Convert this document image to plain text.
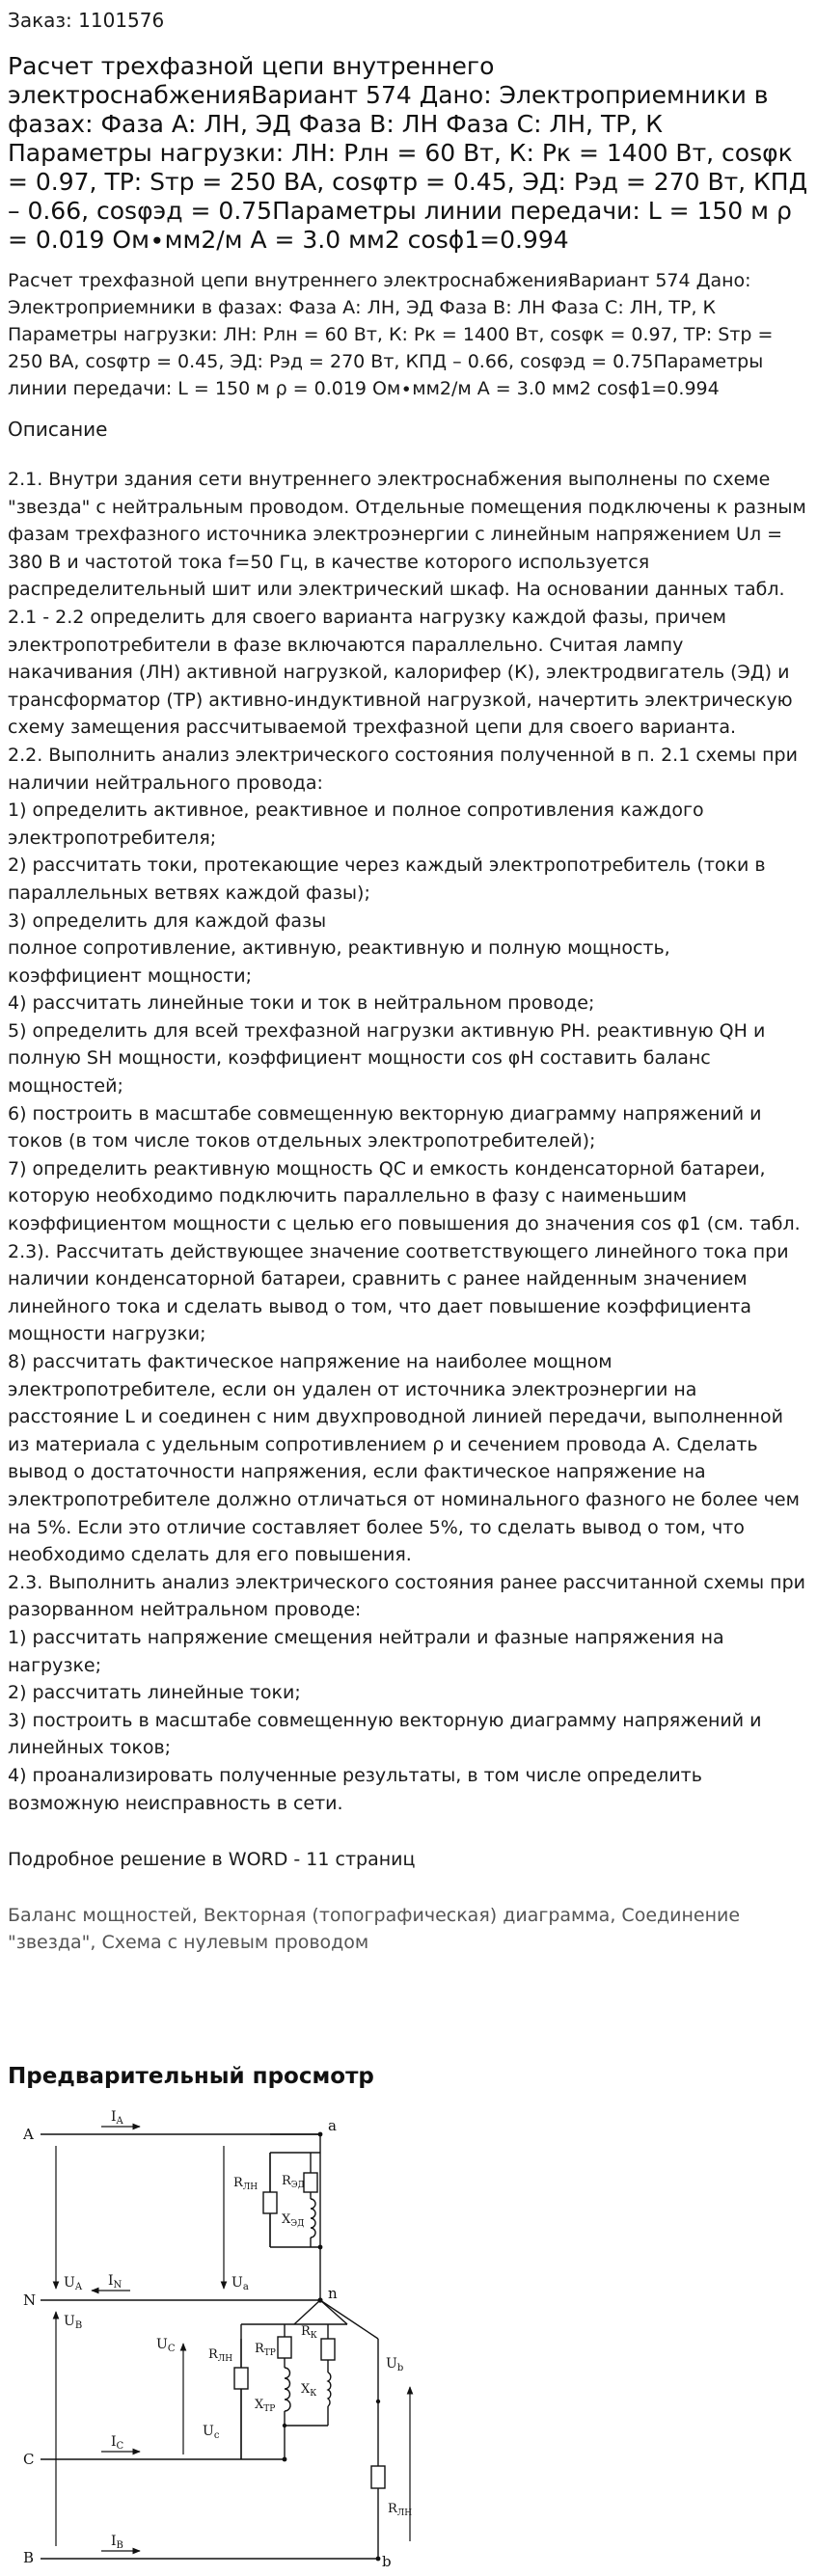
Заказ: 1101576
Расчет трехфазной цепи внутреннего электроснабженияВариант 574 Дано: Электроприемники в фазах: Фаза А: ЛН, ЭД Фаза В: ЛН Фаза С: ЛН, ТР, К Параметры нагрузки: ЛН: Pлн = 60 Вт, К: Pк = 1400 Вт, cosφк = 0.97, ТР: Sтр = 250 ВА, cosφтр = 0.45, ЭД: Pэд = 270 Вт, КПД – 0.66, cosφэд = 0.75Параметры линии передачи: L = 150 м ρ = 0.019 Ом∙мм2/м A = 3.0 мм2 cosϕ1=0.994
Расчет трехфазной цепи внутреннего электроснабженияВариант 574 Дано: Электроприемники в фазах: Фаза А: ЛН, ЭД Фаза В: ЛН Фаза С: ЛН, ТР, К Параметры нагрузки: ЛН: Pлн = 60 Вт, К: Pк = 1400 Вт, cosφк = 0.97, ТР: Sтр = 250 ВА, cosφтр = 0.45, ЭД: Pэд = 270 Вт, КПД – 0.66, cosφэд = 0.75Параметры линии передачи: L = 150 м ρ = 0.019 Ом∙мм2/м A = 3.0 мм2 cosϕ1=0.994
Описание
2.1. Внутри здания сети внутреннего электроснабжения выполнены по схеме "звезда" с нейтральным проводом. Отдельные помещения подключены к разным фазам трехфазного источника электроэнергии с линейным напряжением Uл = 380 В и частотой тока f=50 Гц, в качестве которого используется распределительный шит или электрический шкаф. На основании данных табл. 2.1 - 2.2 определить для своего варианта нагрузку каждой фазы, причем электропотребители в фазе включаются параллельно. Считая лампу накачивания (ЛН) активной нагрузкой, калорифер (К), электродвигатель (ЭД) и трансформатор (ТР) активно-индуктивной нагрузкой, начертить электрическую схему замещения рассчитываемой трехфазной цепи для своего варианта.
2.2. Выполнить анализ электрического состояния полученной в п. 2.1 схемы при наличии нейтрального провода:
1) определить активное, реактивное и полное сопротивления каждого электропотребителя;
2) рассчитать токи, протекающие через каждый электропотребитель (токи в параллельных ветвях каждой фазы);
3) определить для каждой фазы
полное сопротивление, активную, реактивную и полную мощность, коэффициент мощности;
4) рассчитать линейные токи и ток в нейтральном проводе;
5) определить для всей трехфазной нагрузки активную PН. реактивную QН и полную SН мощности, коэффициент мощности cos φН составить баланс мощностей;
6) построить в масштабе совмещенную векторную диаграмму напряжений и токов (в том числе токов отдельных электропотребителей);
7) определить реактивную мощность QС и емкость конденсаторной батареи, которую необходимо подключить параллельно в фазу с наименьшим коэффициентом мощности с целью его повышения до значения cos φ1 (см. табл. 2.3). Рассчитать действующее значение соответствующего линейного тока при наличии конденсаторной батареи, сравнить с ранее найденным значением линейного тока и сделать вывод о том, что дает повышение коэффициента мощности нагрузки;
8) рассчитать фактическое напряжение на наиболее мощном электропотребителе, если он удален от источника электроэнергии на расстояние L и соединен с ним двухпроводной линией передачи, выполненной из материала с удельным сопротивлением ρ и сечением провода А. Сделать вывод о достаточности напряжения, если фактическое напряжение на электропотребителе должно отличаться от номинального фазного не более чем на 5%. Если это отличие составляет более 5%, то сделать вывод о том, что необходимо сделать для его повышения.
2.3. Выполнить анализ электрического состояния ранее рассчитанной схемы при разорванном нейтральном проводе:
1) рассчитать напряжение смещения нейтрали и фазные напряжения на нагрузке;
2) рассчитать линейные токи;
3) построить в масштабе совмещенную векторную диаграмму напряжений и линейных токов;
4) проанализировать полученные результаты, в том числе определить возможную неисправность в сети.
Подробное решение в WORD - 11 страниц
Баланс мощностей, Векторная (топографическая) диаграмма, Соединение "звезда", Схема с нулевым проводом
Предварительный просмотр
A
N
C
B
a
n
b
$I_A$
$I_N$
$I_C$
$I_B$
$U_A$
$U_B$
$U_C$
$U_a$
$U_b$
$U_c$
$R_{ЛН}$ $R_{ЭД}$
$X_{ЭД}$
$R_{ЛН}$
$R_{ТР}$
$X_{ТР}$
$R_К$
$X_К$
$R_{ЛН}$
